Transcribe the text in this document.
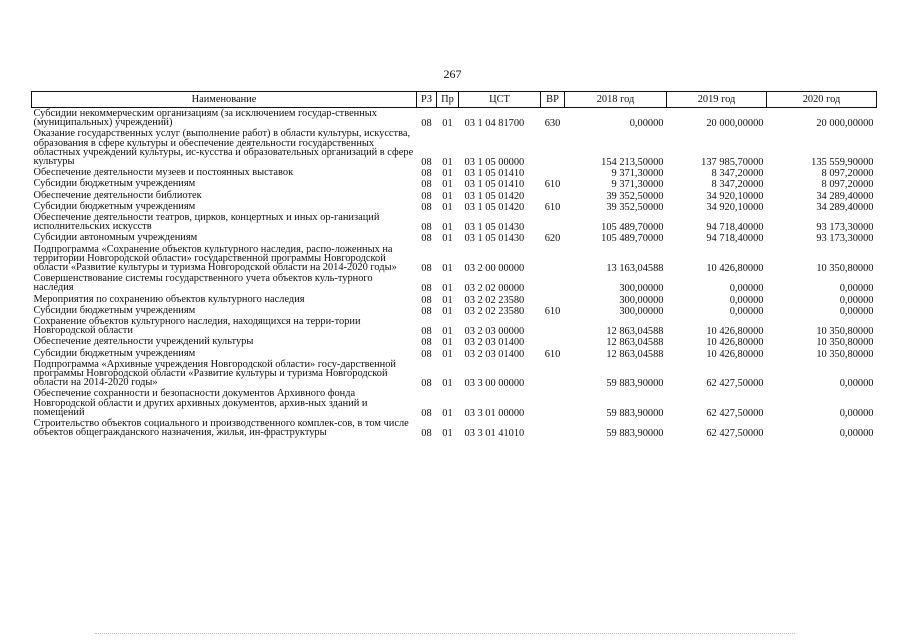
267
Наименование	РЗ	Пр	ЦСТ	ВР	2018 год	2019 год	2020 год
Субсидии некоммерческим организациям (за исключением государ-ственных (муниципальных) учреждений)	08	01	03 1 04 81700	630	0,00000	20 000,00000	20 000,00000
Оказание государственных услуг (выполнение работ) в области культуры, искусства, образования в сфере культуры и обеспечение деятельности государственных областных учреждений культуры, ис-кусства и образовательных организаций в сфере культуры	08	01	03 1 05 00000		154 213,50000	137 985,70000	135 559,90000
Обеспечение деятельности музеев и постоянных выставок	08	01	03 1 05 01410		9 371,30000	8 347,20000	8 097,20000
Субсидии бюджетным учреждениям	08	01	03 1 05 01410	610	9 371,30000	8 347,20000	8 097,20000
Обеспечение деятельности библиотек	08	01	03 1 05 01420		39 352,50000	34 920,10000	34 289,40000
Субсидии бюджетным учреждениям	08	01	03 1 05 01420	610	39 352,50000	34 920,10000	34 289,40000
Обеспечение деятельности театров, цирков, концертных и иных ор-ганизаций исполнительских искусств	08	01	03 1 05 01430		105 489,70000	94 718,40000	93 173,30000
Субсидии автономным учреждениям	08	01	03 1 05 01430	620	105 489,70000	94 718,40000	93 173,30000
Подпрограмма «Сохранение объектов культурного наследия, распо-ложенных на территории Новгородской области» государственной программы Новгородской области «Развитие культуры и туризма Новгородской области на 2014-2020 годы»	08	01	03 2 00 00000		13 163,04588	10 426,80000	10 350,80000
Совершенствование системы государственного учета объектов куль-турного наследия	08	01	03 2 02 00000		300,00000	0,00000	0,00000
Мероприятия по сохранению объектов культурного наследия	08	01	03 2 02 23580		300,00000	0,00000	0,00000
Субсидии бюджетным учреждениям	08	01	03 2 02 23580	610	300,00000	0,00000	0,00000
Сохранение объектов культурного наследия, находящихся на терри-тории Новгородской области	08	01	03 2 03 00000		12 863,04588	10 426,80000	10 350,80000
Обеспечение деятельности учреждений культуры	08	01	03 2 03 01400		12 863,04588	10 426,80000	10 350,80000
Субсидии бюджетным учреждениям	08	01	03 2 03 01400	610	12 863,04588	10 426,80000	10 350,80000
Подпрограмма «Архивные учреждения Новгородской области» госу-дарственной программы Новгородской области «Развитие культуры и туризма Новгородской области на 2014-2020 годы»	08	01	03 3 00 00000		59 883,90000	62 427,50000	0,00000
Обеспечение сохранности и безопасности документов Архивного фонда Новгородской области и других архивных документов, архив-ных зданий и помещений	08	01	03 3 01 00000		59 883,90000	62 427,50000	0,00000
Строительство объектов социального и производственного комплек-сов, в том числе объектов общегражданского назначения, жилья, ин-фраструктуры	08	01	03 3 01 41010		59 883,90000	62 427,50000	0,00000
